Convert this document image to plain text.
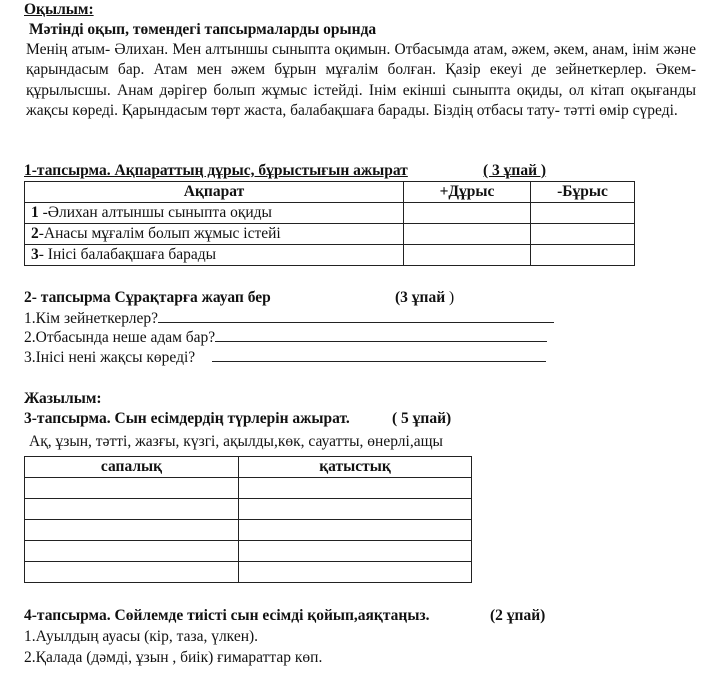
Оқылым:
Мәтінді оқып, төмендегі тапсырмаларды орында
Менің атым- Әлихан. Мен алтыншы сыныпта оқимын. Отбасымда атам, әжем, әкем, анам, інім және қарындасым бар. Атам мен әжем бұрын мұғалім болған. Қазір екеуі де зейнеткерлер. Әкем- құрылысшы. Анам дәрігер болып жұмыс істейді. Інім екінші сыныпта оқиды, ол кітап оқығанды жақсы көреді. Қарындасым төрт жаста, балабақшаға барады. Біздің отбасы тату- тәтті өмір сүреді.
1-тапсырма. Ақпараттың дұрыс, бұрыстығын ажырат	( 3 ұпай )
Ақпарат	+Дұрыс	-Бұрыс
1 -Әлихан алтыншы сыныпта оқиды		
2-Анасы мұғалім болып жұмыс істейі		
3- Інісі балабақшаға барады		
2- тапсырма Сұрақтарға жауап бер	(3 ұпай )
1.Кім зейнеткерлер?
2.Отбасында неше адам бар?
3.Інісі нені жақсы көреді?
Жазылым:
3-тапсырма. Сын есімдердің түрлерін ажырат.	( 5 ұпай)
Ақ, ұзын, тәтті, жазғы, күзгі, ақылды,көк, сауатты, өнерлі,ащы
сапалық	қатыстық

4-тапсырма. Сөйлемде тиісті сын есімді қойып,аяқтаңыз.	(2 ұпай)
1.Ауылдың ауасы (кір, таза, үлкен).
2.Қалада (дәмді, ұзын , биік) ғимараттар көп.
